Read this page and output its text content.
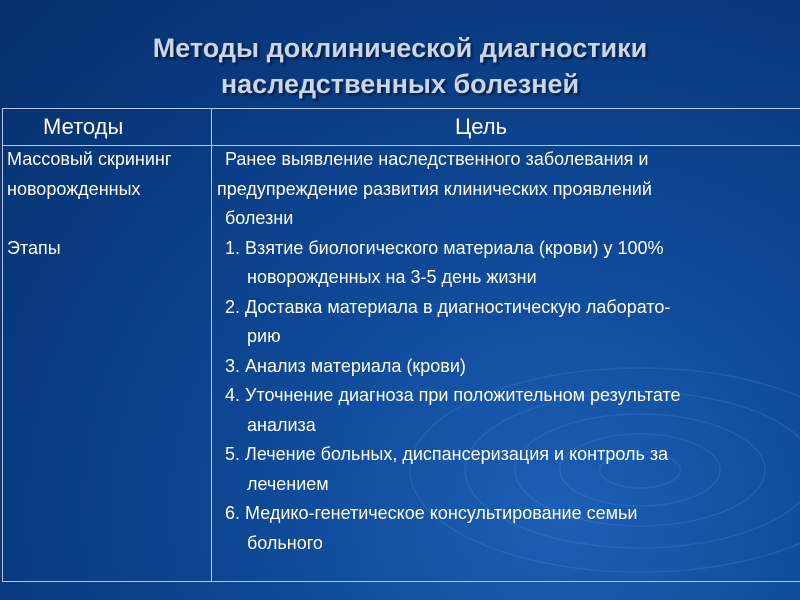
Методы доклинической диагностики
наследственных болезней
Методы	Цель
Массовый скрининг
новорожденных
Этапы
Ранее выявление наследственного заболевания и
предупреждение развития клинических проявлений
болезни
1. Взятие биологического материала (крови) у 100%
новорожденных на 3-5 день жизни
2. Доставка материала в диагностическую лаборато-
рию
3. Анализ материала (крови)
4. Уточнение диагноза при положительном результате
анализа
5. Лечение больных, диспансеризация и контроль за
лечением
6. Медико-генетическое консультирование семьи
больного
